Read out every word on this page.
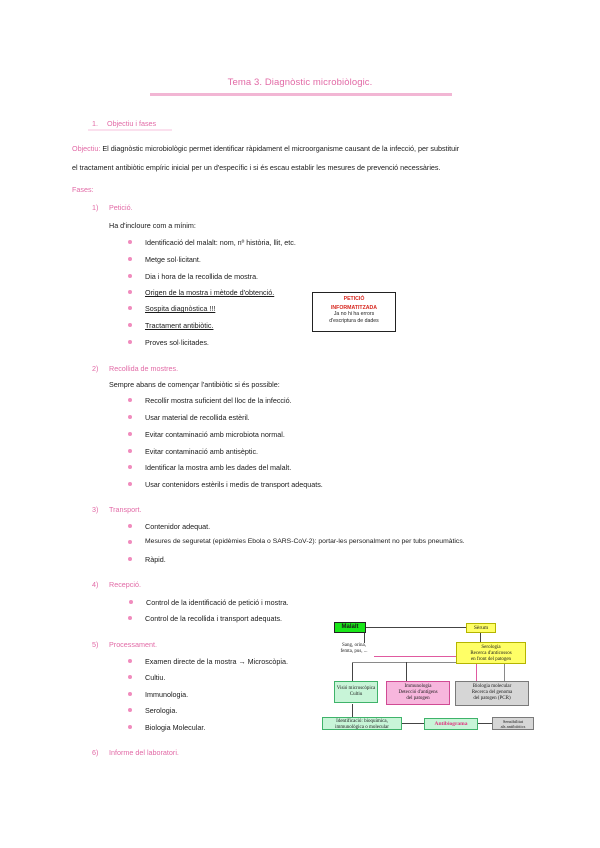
Tema 3. Diagnòstic microbiòlogic.
1. Objectiu i fases
Objectiu: El diagnòstic microbiològic permet identificar ràpidament el microorganisme causant de la infecció, per substituir
el tractament antibiòtic empíric inicial per un d'específic i si és escau establir les mesures de prevenció necessàries.
Fases:
1) Petició.
Ha d'incloure com a mínim:
Identificació del malalt: nom, nº història, llit, etc.
Metge sol·licitant.
Dia i hora de la recollida de mostra.
Origen de la mostra i mètode d'obtenció.
Sospita diagnòstica !!!
Tractament antibiòtic.
Proves sol·licitades.
PETICIÓ
INFORMATITZADA
Ja no hi ha errors
d'escriptura de dades
2) Recollida de mostres.
Sempre abans de començar l'antibiòtic si és possible:
Recollir mostra suficient del lloc de la infecció.
Usar material de recollida estèril.
Evitar contaminació amb microbiota normal.
Evitar contaminació amb antisèptic.
Identificar la mostra amb les dades del malalt.
Usar contenidors estèrils i medis de transport adequats.
3) Transport.
Contenidor adequat.
Mesures de seguretat (epidèmies Ebola o SARS-CoV-2): portar-les personalment no per tubs pneumàtics.
Ràpid.
4) Recepció.
Control de la identificació de petició i mostra.
Control de la recollida i transport adequats.
5) Processament.
Examen directe de la mostra → Microscòpia.
Cultiu.
Immunologia.
Serologia.
Biologia Molecular.
6) Informe del laboratori.
Malalt	Sèrum
Sang, orina,
femta, pus, ...
Serologia
Recerca d'anticossos
en front del patogen
Visió microscòpica
Cultiu
Immunologia
Detecció d'antígens
del patogen
Biologia molecular
Recerca del genoma
del patogen (PCR)
Identificació: bioquímica,
immunològica o molecular
Antibiograma	Sensibilitat
als antibiòtics
